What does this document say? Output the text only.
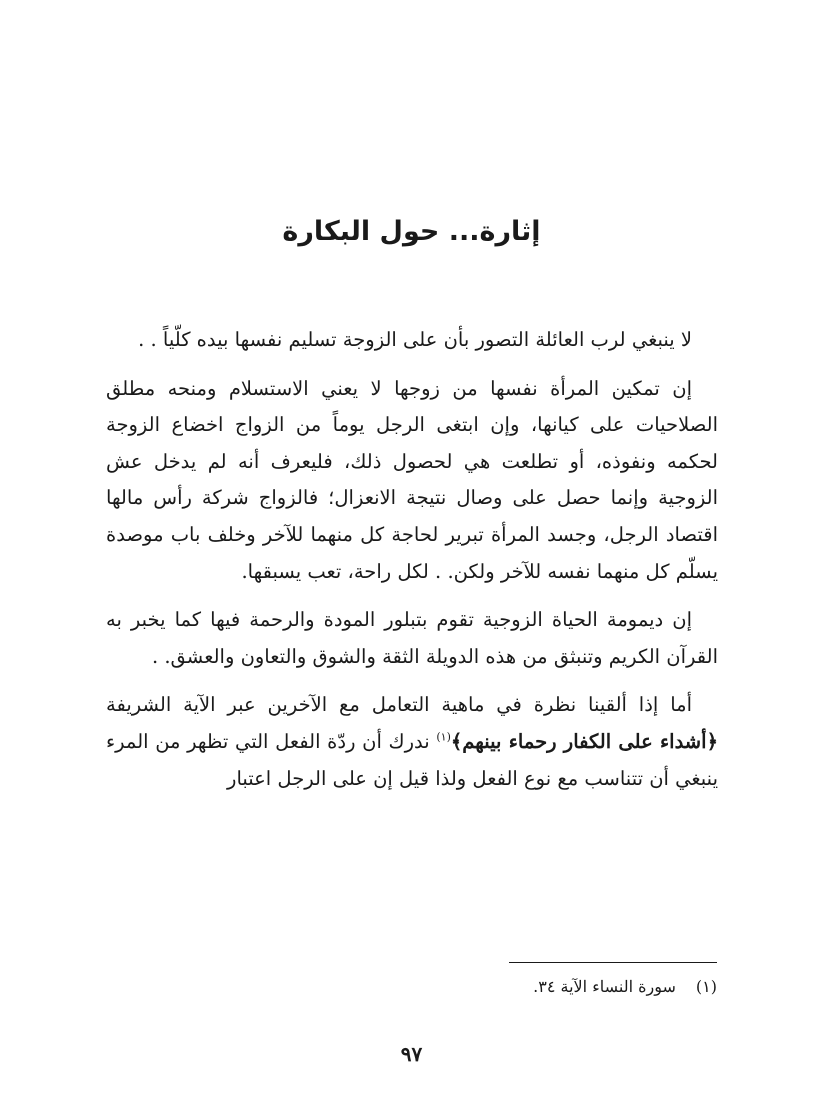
إثارة... حول البكارة

لا ينبغي لرب العائلة التصور بأن على الزوجة تسليم نفسها بيده كلّياً . .

إن تمكين المرأة نفسها من زوجها لا يعني الاستسلام ومنحه مطلق الصلاحيات على كيانها، وإن ابتغى الرجل يوماً من الزواج اخضاع الزوجة لحكمه ونفوذه، أو تطلعت هي لحصول ذلك، فليعرف أنه لم يدخل عش الزوجية وإنما حصل على وصال نتيجة الانعزال؛ فالزواج شركة رأس مالها اقتصاد الرجل، وجسد المرأة تبرير لحاجة كل منهما للآخر وخلف باب موصدة يسلّم كل منهما نفسه للآخر ولكن. . لكل راحة، تعب يسبقها.

إن ديمومة الحياة الزوجية تقوم بتبلور المودة والرحمة فيها كما يخبر به القرآن الكريم وتنبثق من هذه الدويلة الثقة والشوق والتعاون والعشق. .

أما إذا ألقينا نظرة في ماهية التعامل مع الآخرين عبر الآية الشريفة ﴿أشداء على الكفار رحماء بينهم﴾$^{(١)}$ ندرك أن ردّة الفعل التي تظهر من المرء ينبغي أن تتناسب مع نوع الفعل ولذا قيل إن على الرجل اعتبار

(١)سورة النساء الآية ٣٤.
٩٧
